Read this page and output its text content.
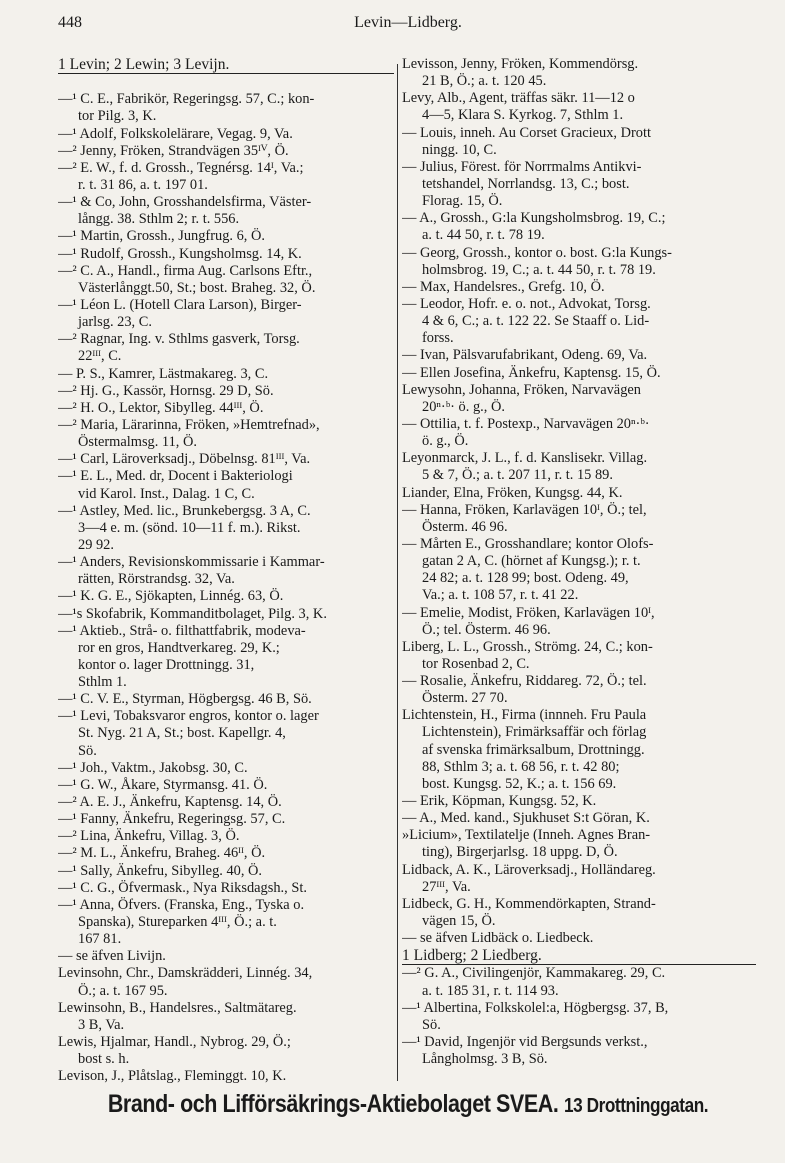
448	Levin—Lidberg.
1 Levin; 2 Lewin; 3 Levijn.
—¹ C. E., Fabrikör, Regeringsg. 57, C.; kon-
tor Pilg. 3, K.
—¹ Adolf, Folkskolelärare, Vegag. 9, Va.
—² Jenny, Fröken, Strandvägen 35ᴵⱽ, Ö.
—² E. W., f. d. Grossh., Tegnérsg. 14ᴵ, Va.;
r. t. 31 86, a. t. 197 01.
—¹ & Co, John, Grosshandelsfirma, Väster-
långg. 38. Sthlm 2; r. t. 556.
—¹ Martin, Grossh., Jungfrug. 6, Ö.
—¹ Rudolf, Grossh., Kungsholmsg. 14, K.
—² C. A., Handl., firma Aug. Carlsons Eftr.,
Västerlånggt.50, St.; bost. Braheg. 32, Ö.
—¹ Léon L. (Hotell Clara Larson), Birger-
jarlsg. 23, C.
—² Ragnar, Ing. v. Sthlms gasverk, Torsg.
22ᴵᴵᴵ, C.
— P. S., Kamrer, Lästmakareg. 3, C.
—² Hj. G., Kassör, Hornsg. 29 D, Sö.
—² H. O., Lektor, Sibylleg. 44ᴵᴵᴵ, Ö.
—² Maria, Lärarinna, Fröken, »Hemtrefnad»,
Östermalmsg. 11, Ö.
—¹ Carl, Läroverksadj., Döbelnsg. 81ᴵᴵᴵ, Va.
—¹ E. L., Med. dr, Docent i Bakteriologi
vid Karol. Inst., Dalag. 1 C, C.
—¹ Astley, Med. lic., Brunkebergsg. 3 A, C.
3—4 e. m. (sönd. 10—11 f. m.). Rikst.
29 92.
—¹ Anders, Revisionskommissarie i Kammar-
rätten, Rörstrandsg. 32, Va.
—¹ K. G. E., Sjökapten, Linnég. 63, Ö.
—¹s Skofabrik, Kommanditbolaget, Pilg. 3, K.
—¹ Aktieb., Strå- o. filthattfabrik, modeva-
ror en gros, Handtverkareg. 29, K.;
kontor o. lager Drottningg. 31,
Sthlm 1.
—¹ C. V. E., Styrman, Högbergsg. 46 B, Sö.
—¹ Levi, Tobaksvaror engros, kontor o. lager
St. Nyg. 21 A, St.; bost. Kapellgr. 4,
Sö.
—¹ Joh., Vaktm., Jakobsg. 30, C.
—¹ G. W., Åkare, Styrmansg. 41. Ö.
—² A. E. J., Änkefru, Kaptensg. 14, Ö.
—¹ Fanny, Änkefru, Regeringsg. 57, C.
—² Lina, Änkefru, Villag. 3, Ö.
—² M. L., Änkefru, Braheg. 46ᴵᴵ, Ö.
—¹ Sally, Änkefru, Sibylleg. 40, Ö.
—¹ C. G., Öfvermask., Nya Riksdagsh., St.
—¹ Anna, Öfvers. (Franska, Eng., Tyska o.
Spanska), Stureparken 4ᴵᴵᴵ, Ö.; a. t.
167 81.
— se äfven Livijn.
Levinsohn, Chr., Damskrädderi, Linnég. 34,
Ö.; a. t. 167 95.
Lewinsohn, B., Handelsres., Saltmätareg.
3 B, Va.
Lewis, Hjalmar, Handl., Nybrog. 29, Ö.;
bost s. h.
Levison, J., Plåtslag., Fleminggt. 10, K.
Levisson, Jenny, Fröken, Kommendörsg.
21 B, Ö.; a. t. 120 45.
Levy, Alb., Agent, träffas säkr. 11—12 o
4—5, Klara S. Kyrkog. 7, Sthlm 1.
— Louis, inneh. Au Corset Gracieux, Drott
ningg. 10, C.
— Julius, Förest. för Norrmalms Antikvi-
tetshandel, Norrlandsg. 13, C.; bost.
Florag. 15, Ö.
— A., Grossh., G:la Kungsholmsbrog. 19, C.;
a. t. 44 50, r. t. 78 19.
— Georg, Grossh., kontor o. bost. G:la Kungs-
holmsbrog. 19, C.; a. t. 44 50, r. t. 78 19.
— Max, Handelsres., Grefg. 10, Ö.
— Leodor, Hofr. e. o. not., Advokat, Torsg.
4 & 6, C.; a. t. 122 22. Se Staaff o. Lid-
forss.
— Ivan, Pälsvarufabrikant, Odeng. 69, Va.
— Ellen Josefina, Änkefru, Kaptensg. 15, Ö.
Lewysohn, Johanna, Fröken, Narvavägen
20ⁿ·ᵇ· ö. g., Ö.
— Ottilia, t. f. Postexp., Narvavägen 20ⁿ·ᵇ·
ö. g., Ö.
Leyonmarck, J. L., f. d. Kanslisekr. Villag.
5 & 7, Ö.; a. t. 207 11, r. t. 15 89.
Liander, Elna, Fröken, Kungsg. 44, K.
— Hanna, Fröken, Karlavägen 10ᴵ, Ö.; tel,
Österm. 46 96.
— Mårten E., Grosshandlare; kontor Olofs-
gatan 2 A, C. (hörnet af Kungsg.); r. t.
24 82; a. t. 128 99; bost. Odeng. 49,
Va.; a. t. 108 57, r. t. 41 22.
— Emelie, Modist, Fröken, Karlavägen 10ᴵ,
Ö.; tel. Österm. 46 96.
Liberg, L. L., Grossh., Strömg. 24, C.; kon-
tor Rosenbad 2, C.
— Rosalie, Änkefru, Riddareg. 72, Ö.; tel.
Österm. 27 70.
Lichtenstein, H., Firma (innneh. Fru Paula
Lichtenstein), Frimärksaffär och förlag
af svenska frimärksalbum, Drottningg.
88, Sthlm 3; a. t. 68 56, r. t. 42 80;
bost. Kungsg. 52, K.; a. t. 156 69.
— Erik, Köpman, Kungsg. 52, K.
— A., Med. kand., Sjukhuset S:t Göran, K.
»Licium», Textilatelje (Inneh. Agnes Bran-
ting), Birgerjarlsg. 18 uppg. D, Ö.
Lidback, A. K., Läroverksadj., Holländareg.
27ᴵᴵᴵ, Va.
Lidbeck, G. H., Kommendörkapten, Strand-
vägen 15, Ö.
— se äfven Lidbäck o. Liedbeck.
1 Lidberg; 2 Liedberg.
—² G. A., Civilingenjör, Kammakareg. 29, C.
a. t. 185 31, r. t. 114 93.
—¹ Albertina, Folkskolel:a, Högbergsg. 37, B,
Sö.
—¹ David, Ingenjör vid Bergsunds verkst.,
Långholmsg. 3 B, Sö.
Brand- och Lifförsäkrings-Aktiebolaget SVEA. 13 Drottninggatan.
